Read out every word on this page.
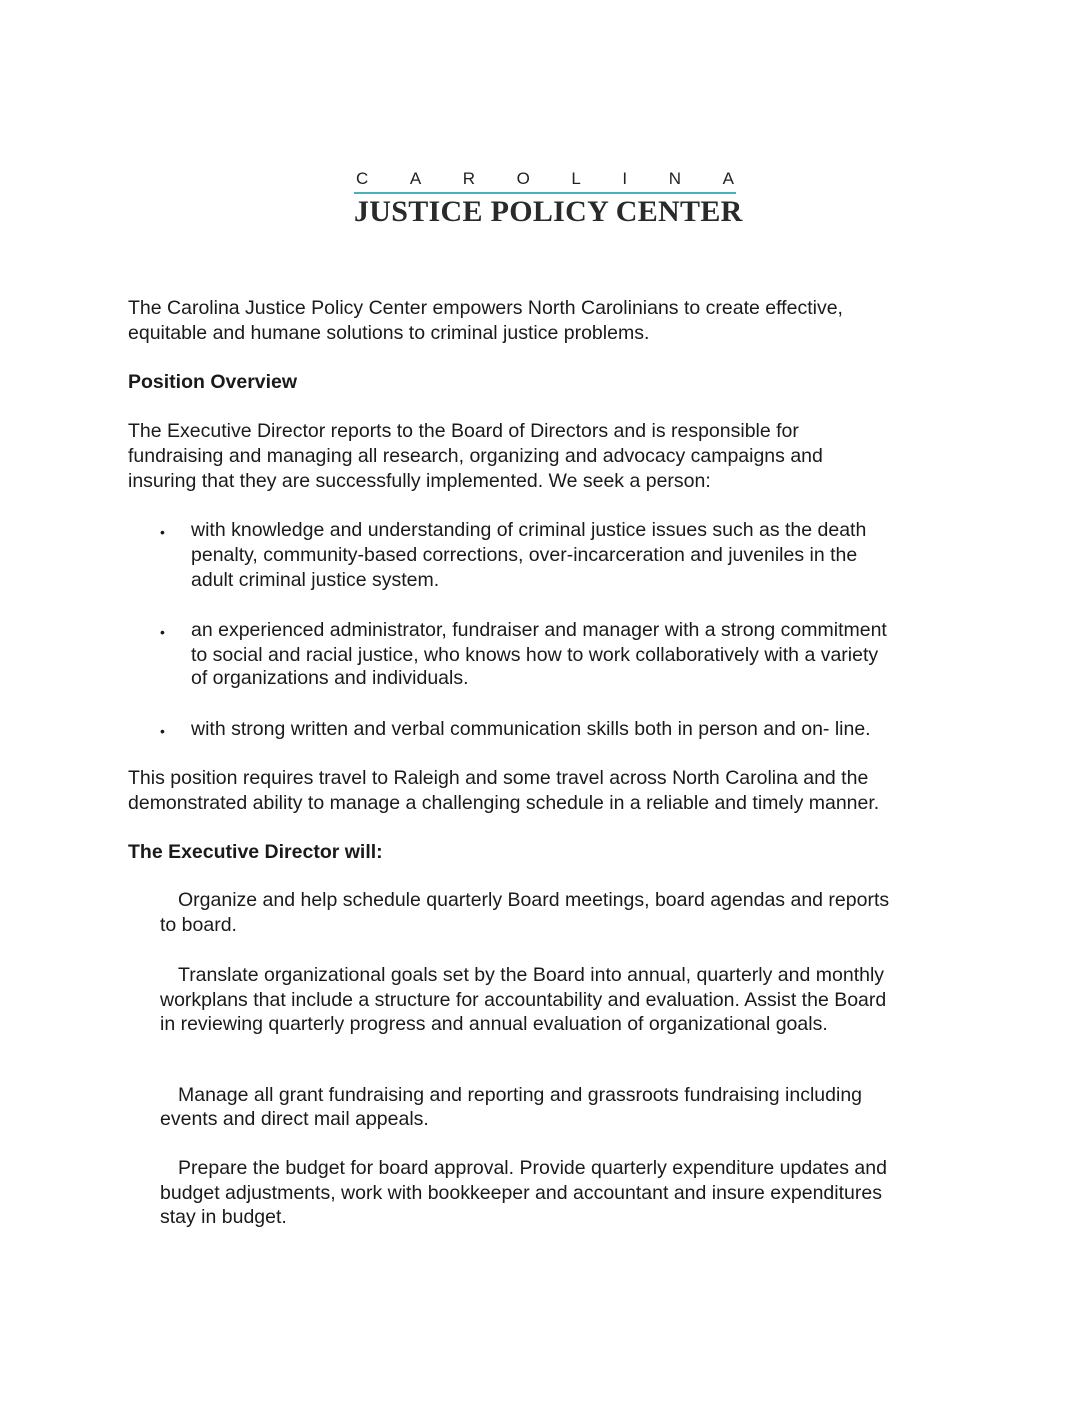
C A R O L I N A
JUSTICE POLICY CENTER

The Carolina Justice Policy Center empowers North Carolinians to create effective,

equitable and humane solutions to criminal justice problems.

Position Overview

The Executive Director reports to the Board of Directors and is responsible for

fundraising and managing all research, organizing and advocacy campaigns and

insuring that they are successfully implemented. We seek a person:

• with knowledge and understanding of criminal justice issues such as the death

penalty, community-based corrections, over-incarceration and juveniles in the

adult criminal justice system.

• an experienced administrator, fundraiser and manager with a strong commitment

to social and racial justice, who knows how to work collaboratively with a variety

of organizations and individuals.

• with strong written and verbal communication skills both in person and on- line.

This position requires travel to Raleigh and some travel across North Carolina and the

demonstrated ability to manage a challenging schedule in a reliable and timely manner.

The Executive Director will:

Organize and help schedule quarterly Board meetings, board agendas and reports

to board.

Translate organizational goals set by the Board into annual, quarterly and monthly

workplans that include a structure for accountability and evaluation. Assist the Board

in reviewing quarterly progress and annual evaluation of organizational goals.

Manage all grant fundraising and reporting and grassroots fundraising including

events and direct mail appeals.

Prepare the budget for board approval. Provide quarterly expenditure updates and

budget adjustments, work with bookkeeper and accountant and insure expenditures

stay in budget.
